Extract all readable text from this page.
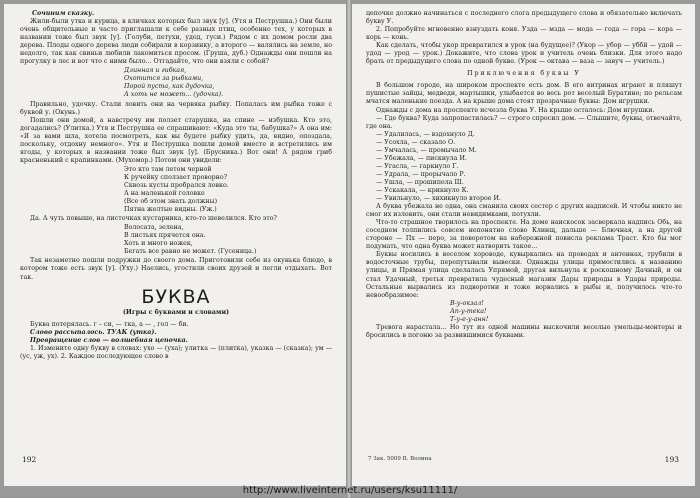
Сочиним сказку.

Жили-были утка и курица, в кличках которых был звук [у]. (Утя и Пеструшка.) Они были очень общительные и часто приглашали к себе разных птиц, особенно тех, у которых в названии тоже был звук [у]. (Голуби, петухи, удод, гуси.) Рядом с их домом росли два дерева. Плоды одного дерева люди собирали в корзинку, а второго — валялись на земле, но недолго, так как свиньи любили лакомиться просом. (Груша, дуб.) Однажды они пошли на прогулку в лес и вот что с ними было... Отгадайте, что они взяли с собой?

Длинная и гибкая,
Охотится за рыбками,
Порой пуста, как дудочка,
А хоть не может... (удочка).

Правильно, удочку. Стали ловить они на червяка рыбку. Попалась им рыбка тоже с буквой у. (Окунь.)

Пошли они домой, а навстречу им ползет старушка, на спине — избушка. Кто это, догадались? (Улитка.) Утя и Пеструшка ее спрашивают: «Куда это ты, бабушка?» А она им: «Я за вами шла, хотела посмотреть, как вы будете рыбку удить, да, видно, опоздала, поскольку, отдохну немного». Утя и Пеструшка пошли домой вместе и встретились им ягоды, у которых в названии тоже был звук [у]. (Брусника.) Вот они! А рядом гриб красненький с крапинками. (Мухомор.) Потом они увидели:

Это кто там летом черной
К ручейку сползает проворно?
Сквозь кусты пробрался ловко.
А на маленькой головке
(Все об этом знать должны)
Пятна желтые видны. (Уж.)

Да. А чуть повыше, на листочках кустарника, кто-то шевелился. Кто это?

Волосата, зелена,
В листьях прячется она.
Хоть и много ножек,
Бегать все равно не может. (Гусеница.)

Так незаметно пошли подружки до своего дома. Приготовили себе из окунька блюдо, в котором тоже есть звук [у]. (Уху.) Наелись, угостили своих друзей и легли отдыхать. Вот так.

БУКВА
(Игры с буквами и словами)

Буква потерялась. г – си, — тка, а — , гол — би.

Слово рассыпалось. ТУАК (утка).

Превращение слов — волшебная цепочка.

1. Измените одну букву в словах: ухо — (уха); улитка — (плитка), указка — (сказка); ум — (ус, уж, ух). 2. Каждое последующее слово в

192

цепочке должно начинаться с последнего слога предыдущего слова и обязательно включать букву У.

2. Попробуйте мгновенно взнуздать коня. Узда — мзда — мода — года — гора — кора — корь — конь.

Как сделать, чтобы укор превратился в урок (на будущее)? (Укор — убор — уббй — удой — удод — урод — урок.) Докажите, что слова урок и учитель очень близки. Для этого надо брать от предыдущего слова по одной букве. (Урок — октава — ваза — завуч — учитель.)

Приключения буквы У

В большом городе, на широком проспекте есть дом. В его витринах играют и пляшут пушистые зайцы, медведи, мартышки, улыбается во весь рот веселый Буратино; по рельсам мчатся маленькие поезда. А на крыше дома стоят прозрачные буквы: Дом игрушки.

Однажды с дома на проспекте исчезла буква У. На крыше осталось: Дом игрушки.

— Где буква? Куда запропастилась? — строго спросил дом. — Слышите, буквы, отвечайте, где она.

— Удалилась, — вздохнуло Д.
— Усохла, — сказало О.
— Умчалась, — промычало М.
— Убежала, — пискнула И.
— Угасла, — гаркнуло Г.
— Удрала, — прорычало Р.
— Ушла, — прошипела Ш.
— Ускакала, — крикнуло К.
— Увильнуло, — хихикнуло второе И.

А буква убежала не одна, она сманила своих сестер с других надписей. И чтобы никто не смог их изловить, они стали невидимками, потухли.

Что-то страшное творилось на проспекте. На доме наискосок засверкала надпись Обь, на соседнем толпились совсем непонятно слово Клинщ, дальше — Блючная, а на другой стороне — Пх — перо, за поворотом на набережной повисла реклама Траст. Кто бы мог подумать, что одна буква может натворить такое...

Буквы носились в веселом хороводе, кувыркались на проводах и антеннах, трубили в водосточные трубы, перепутывали вывески. Однажды улицы примостились к названию улицы, и Прямая улица сделалась Упрямой, другая вильнула к роскошному Дачный, и он стал Удачный, третья превратила чудесный магазин Дары природы в Удары природы. Остальные вырвались из подворотни и тоже ворвались в рыбы и, получилось что-то невообразимое:

В-у-окзал!
Ап-у-тека!
Т-у-е-у-анн!

Тревога нарастала... Но тут из одной машины выскочили веселые умельцы-монтеры и бросились в погоню за развившимися буквами.

7 Зак. 5009 В. Волина	193
http://www.liveinternet.ru/users/ksu11111/
